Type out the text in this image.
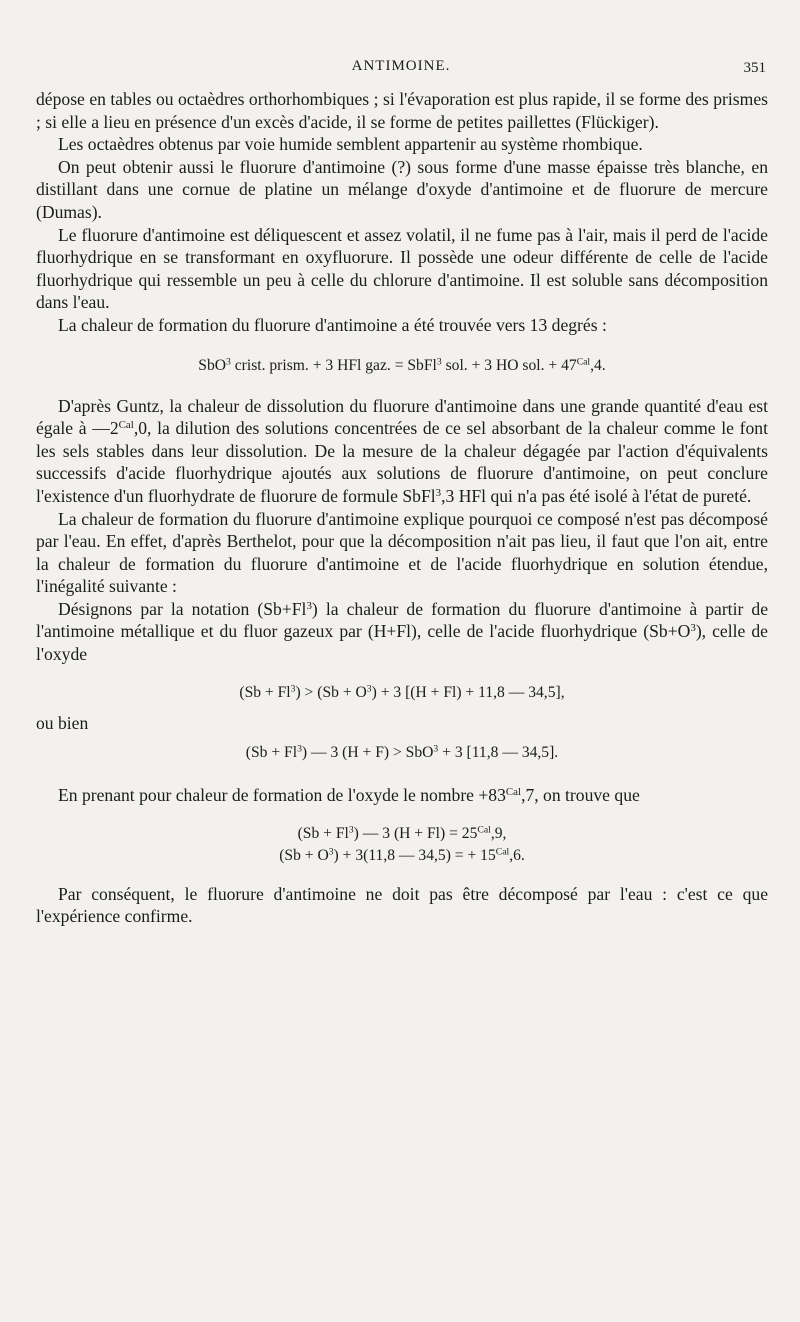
ANTIMOINE.	351

dépose en tables ou octaèdres orthorhombiques ; si l'évaporation est plus rapide, il se forme des prismes ; si elle a lieu en présence d'un excès d'acide, il se forme de petites paillettes (Flückiger).

Les octaèdres obtenus par voie humide semblent appartenir au système rhombique.

On peut obtenir aussi le fluorure d'antimoine (?) sous forme d'une masse épaisse très blanche, en distillant dans une cornue de platine un mélange d'oxyde d'antimoine et de fluorure de mercure (Dumas).

Le fluorure d'antimoine est déliquescent et assez volatil, il ne fume pas à l'air, mais il perd de l'acide fluorhydrique en se transformant en oxyfluorure. Il possède une odeur différente de celle de l'acide fluorhydrique qui ressemble un peu à celle du chlorure d'antimoine. Il est soluble sans décomposition dans l'eau.

La chaleur de formation du fluorure d'antimoine a été trouvée vers 13 degrés :

SbO$^3$ crist. prism. + 3 HFl gaz. = SbFl$^3$ sol. + 3 HO sol. + $47^{Cal},4$.

D'après Guntz, la chaleur de dissolution du fluorure d'antimoine dans une grande quantité d'eau est égale à $—2^{Cal},0$, la dilution des solutions concentrées de ce sel absorbant de la chaleur comme le font les sels stables dans leur dissolution. De la mesure de la chaleur dégagée par l'action d'équivalents successifs d'acide fluorhydrique ajoutés aux solutions de fluorure d'antimoine, on peut conclure l'existence d'un fluorhydrate de fluorure de formule SbFl$^3$,3 HFl qui n'a pas été isolé à l'état de pureté.

La chaleur de formation du fluorure d'antimoine explique pourquoi ce composé n'est pas décomposé par l'eau. En effet, d'après Berthelot, pour que la décomposition n'ait pas lieu, il faut que l'on ait, entre la chaleur de formation du fluorure d'antimoine et de l'acide fluorhydrique en solution étendue, l'inégalité suivante :

Désignons par la notation $(Sb+Fl^3)$ la chaleur de formation du fluorure d'antimoine à partir de l'antimoine métallique et du fluor gazeux par (H+Fl), celle de l'acide fluorhydrique $(Sb+O^3)$, celle de l'oxyde

$(Sb + Fl^3) > (Sb + O^3) + 3$ [(H + Fl) + 11,8 — 34,5],

ou bien

$(Sb + Fl^3)$ — 3 (H + F) > SbO$^3$ + 3 [11,8 — 34,5].

En prenant pour chaleur de formation de l'oxyde le nombre $+83^{Cal},7$, on trouve que

$(Sb + Fl^3)$ — 3 $(H + Fl) = 25^{Cal},9$,
$(Sb + O^3) + 3(11,8$ — 34,5) = + $15^{Cal},6$.

Par conséquent, le fluorure d'antimoine ne doit pas être décomposé par l'eau : c'est ce que l'expérience confirme.
